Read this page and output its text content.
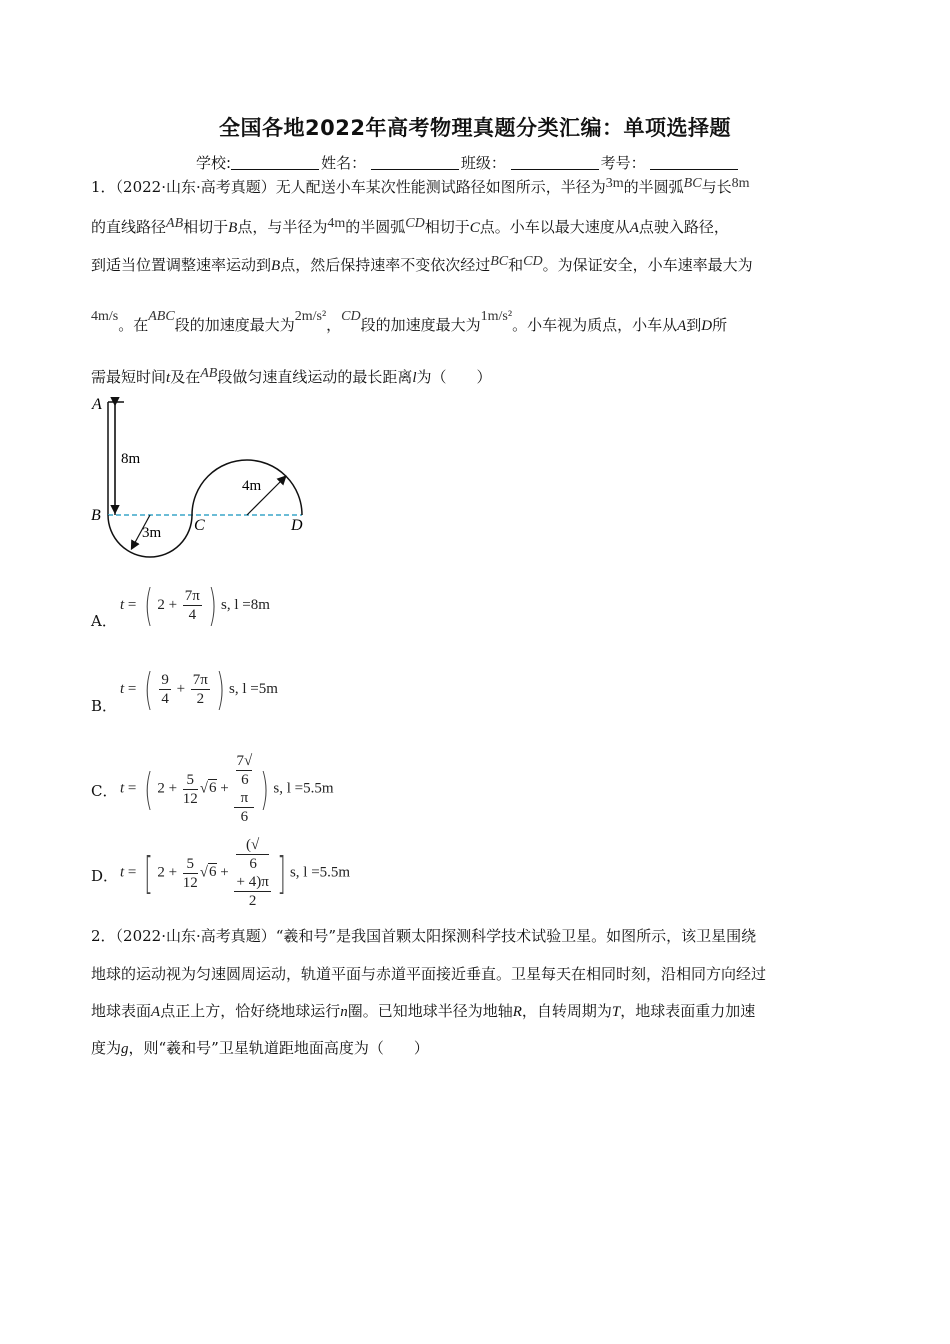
全国各地2022年高考物理真题分类汇编：单项选择题
学校:	姓名：	班级：	考号：
1．（2022·山东·高考真题）无人配送小车某次性能测试路径如图所示，半径为3m的半圆弧BC与长8m
的直线路径AB相切于B点，与半径为4m的半圆弧CD相切于C点。小车以最大速度从A点驶入路径，
到适当位置调整速率运动到B点，然后保持速率不变依次经过BC和CD。为保证安全，小车速率最大为
4m/s。在ABC段的加速度最大为2m/s²，CD段的加速度最大为1m/s²。小车视为质点，小车从A到D所
需最短时间t及在AB段做匀速直线运动的最长距离l为（　　）
A
B
C	D
8m
3m
4m
A．
t = ( $2 + \frac{7\pi}{4}$ ) s, l =8m
B．
t = ( $\frac{9}{4} + \frac{7\pi}{2}$ ) s, l =5m
C． t = ( $2 + \frac{5}{12} √6 + 7√$
6
π
6 ) s, l =5.5m
D． t = [ $2 + \frac{5}{12} √6$ + (√
6
+ 4)π
2 ] s, l =5.5m
2．（2022·山东·高考真题）“羲和号”是我国首颗太阳探测科学技术试验卫星。如图所示，该卫星围绕
地球的运动视为匀速圆周运动，轨道平面与赤道平面接近垂直。卫星每天在相同时刻，沿相同方向经过
地球表面A点正上方，恰好绕地球运行n圈。已知地球半径为地轴R，自转周期为T，地球表面重力加速
度为g，则“羲和号”卫星轨道距地面高度为（　　）
